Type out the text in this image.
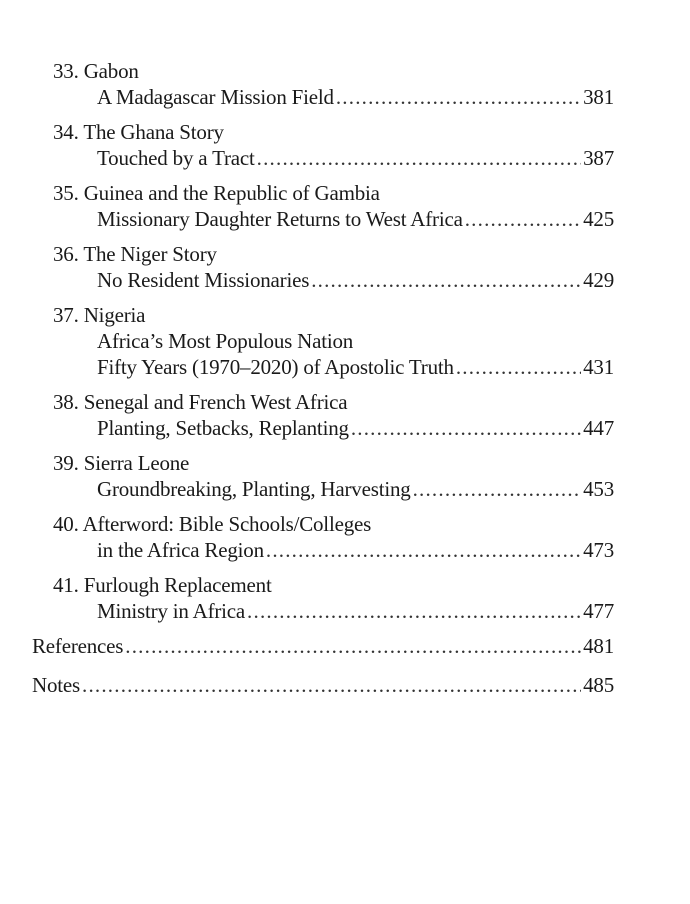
33. Gabon
A Madagascar Mission Field .....	381
34. The Ghana Story
Touched by a Tract .....	387
35. Guinea and the Republic of Gambia
Missionary Daughter Returns to West Africa .....	425
36. The Niger Story
No Resident Missionaries .....	429
37. Nigeria
Africa’s Most Populous Nation
Fifty Years (1970–2020) of Apostolic Truth .....	431
38. Senegal and French West Africa
Planting, Setbacks, Replanting .....	447
39. Sierra Leone
Groundbreaking, Planting, Harvesting .....	453
40. Afterword: Bible Schools/Colleges
in the Africa Region .....	473
41. Furlough Replacement
Ministry in Africa .....	477
References .....	481
Notes .....	485
